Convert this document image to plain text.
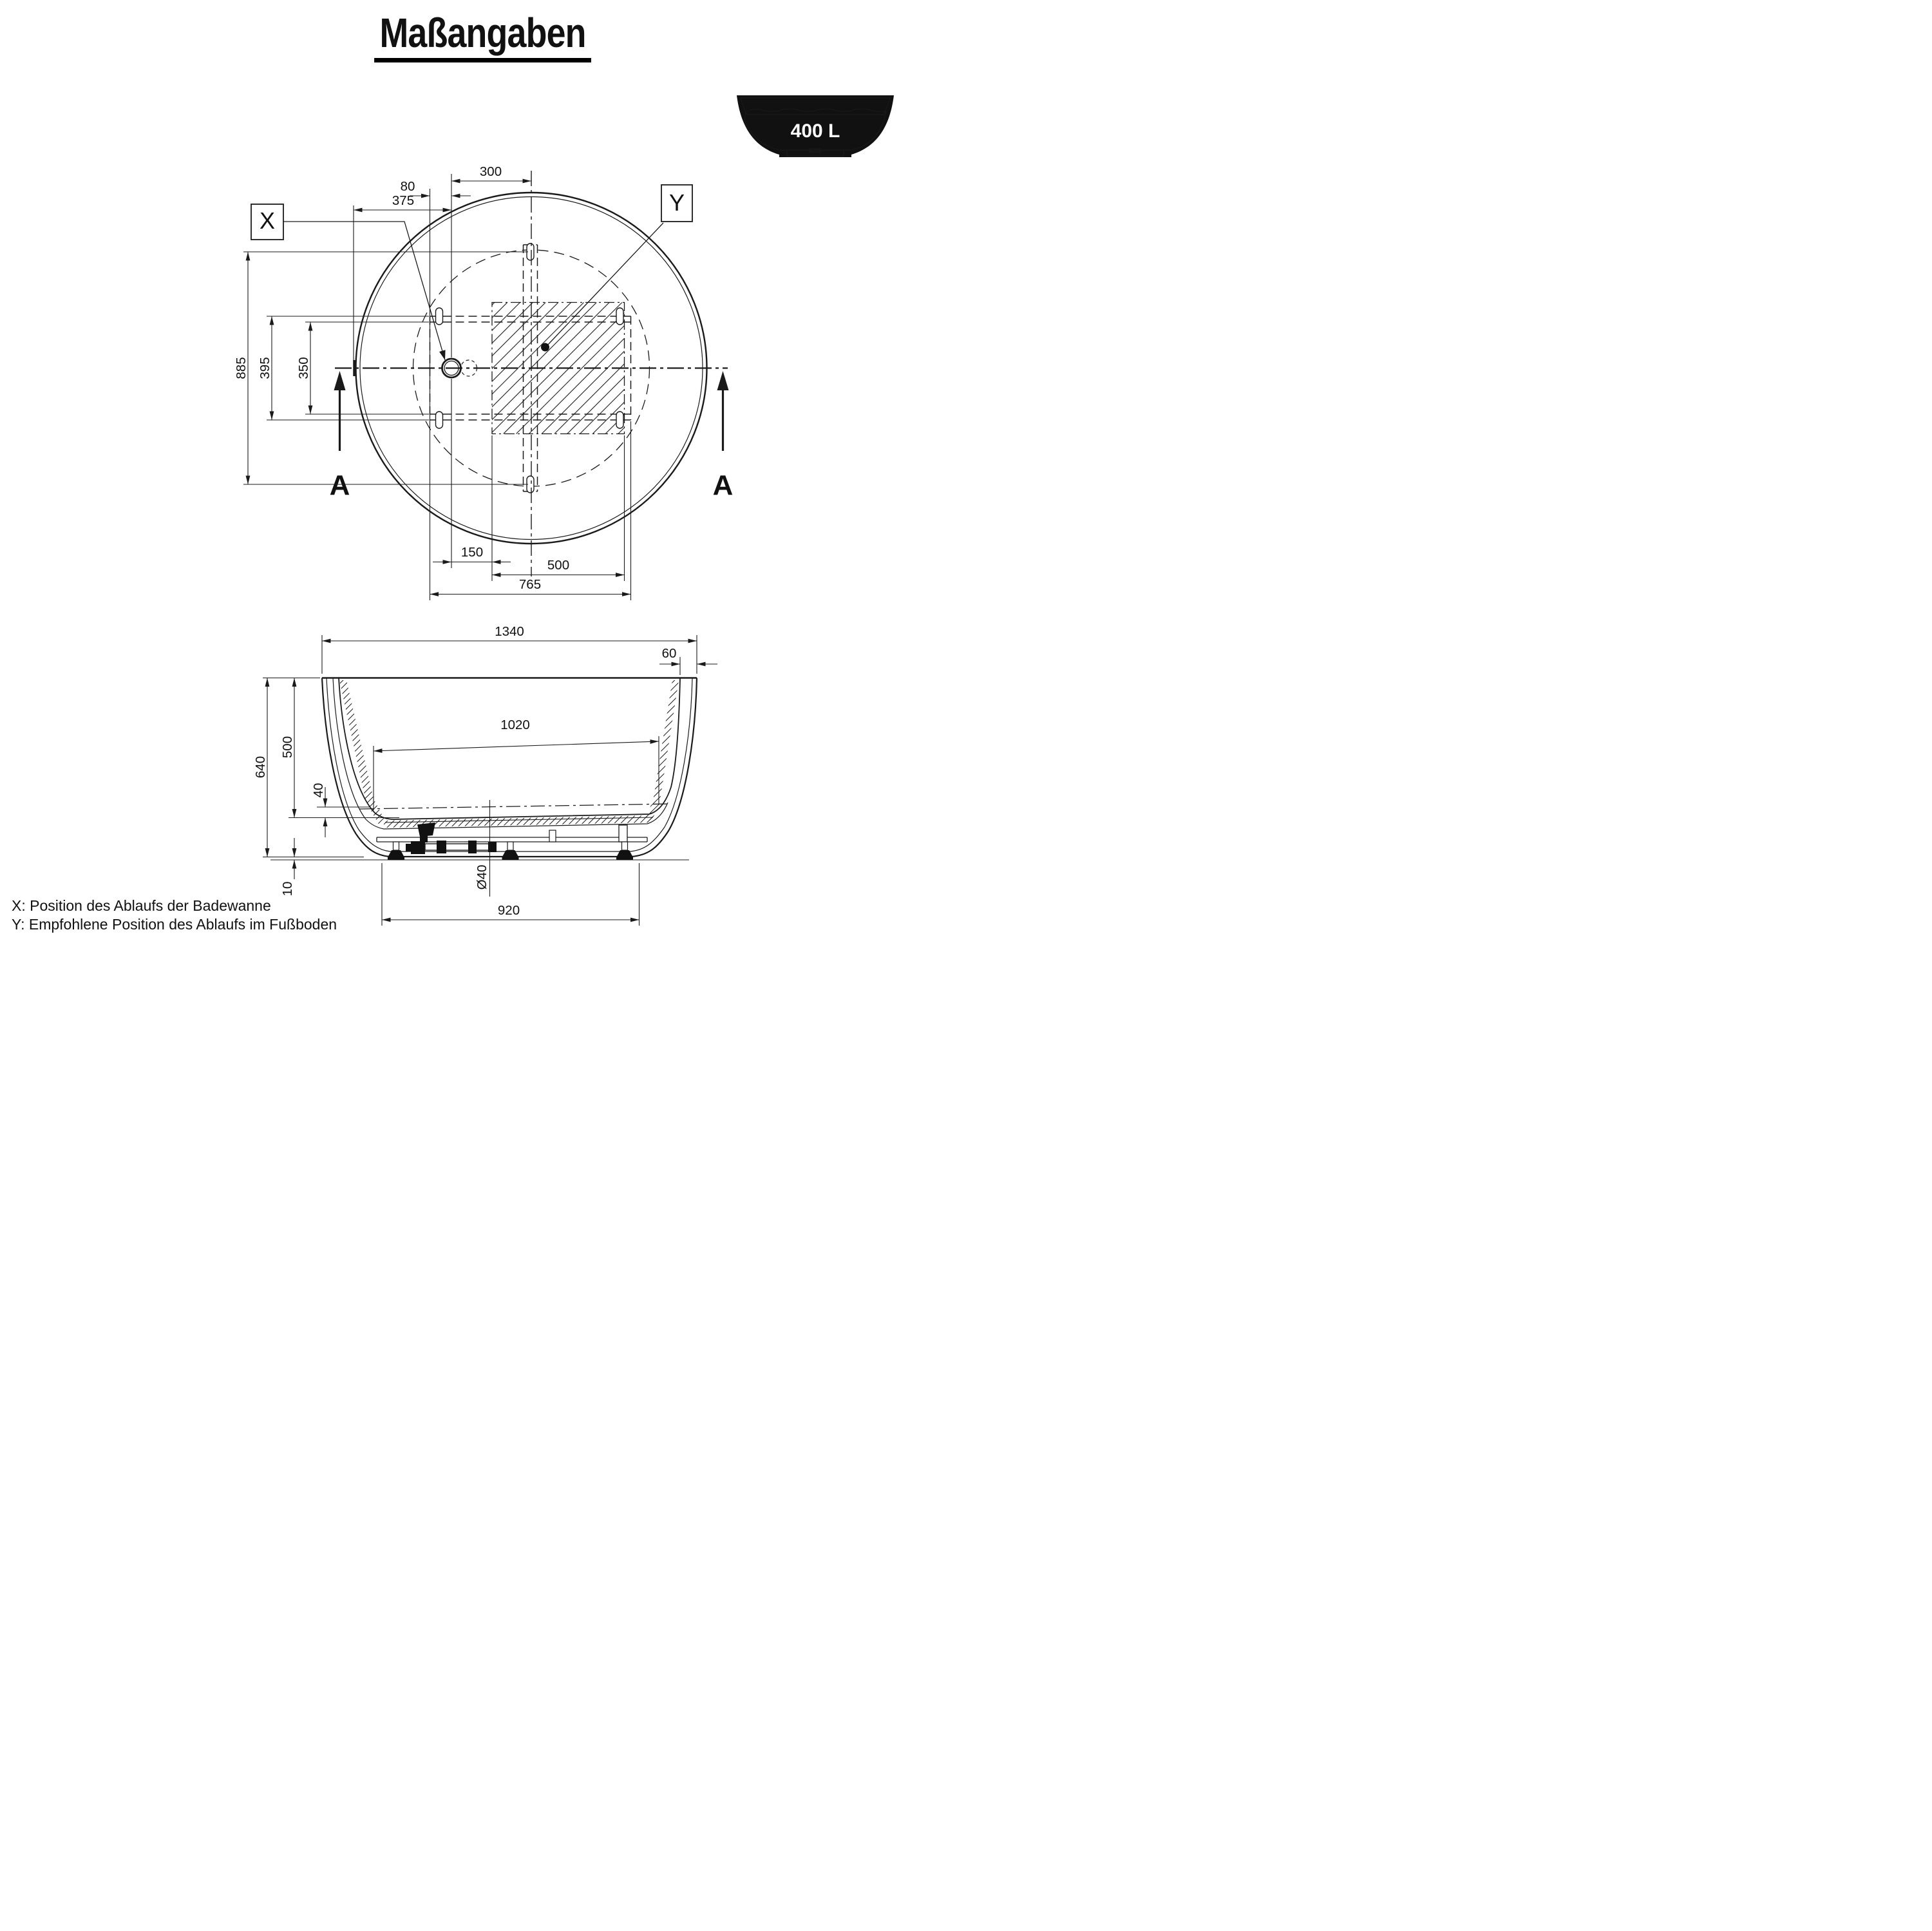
Maßangaben
400 L
X
Y
A	A
300
80
375
885 395 350
150
500
765
1340
60
640
500
40
10
1020
Ø40
920
X: Position des Ablaufs der Badewanne
Y: Empfohlene Position des Ablaufs im Fußboden
